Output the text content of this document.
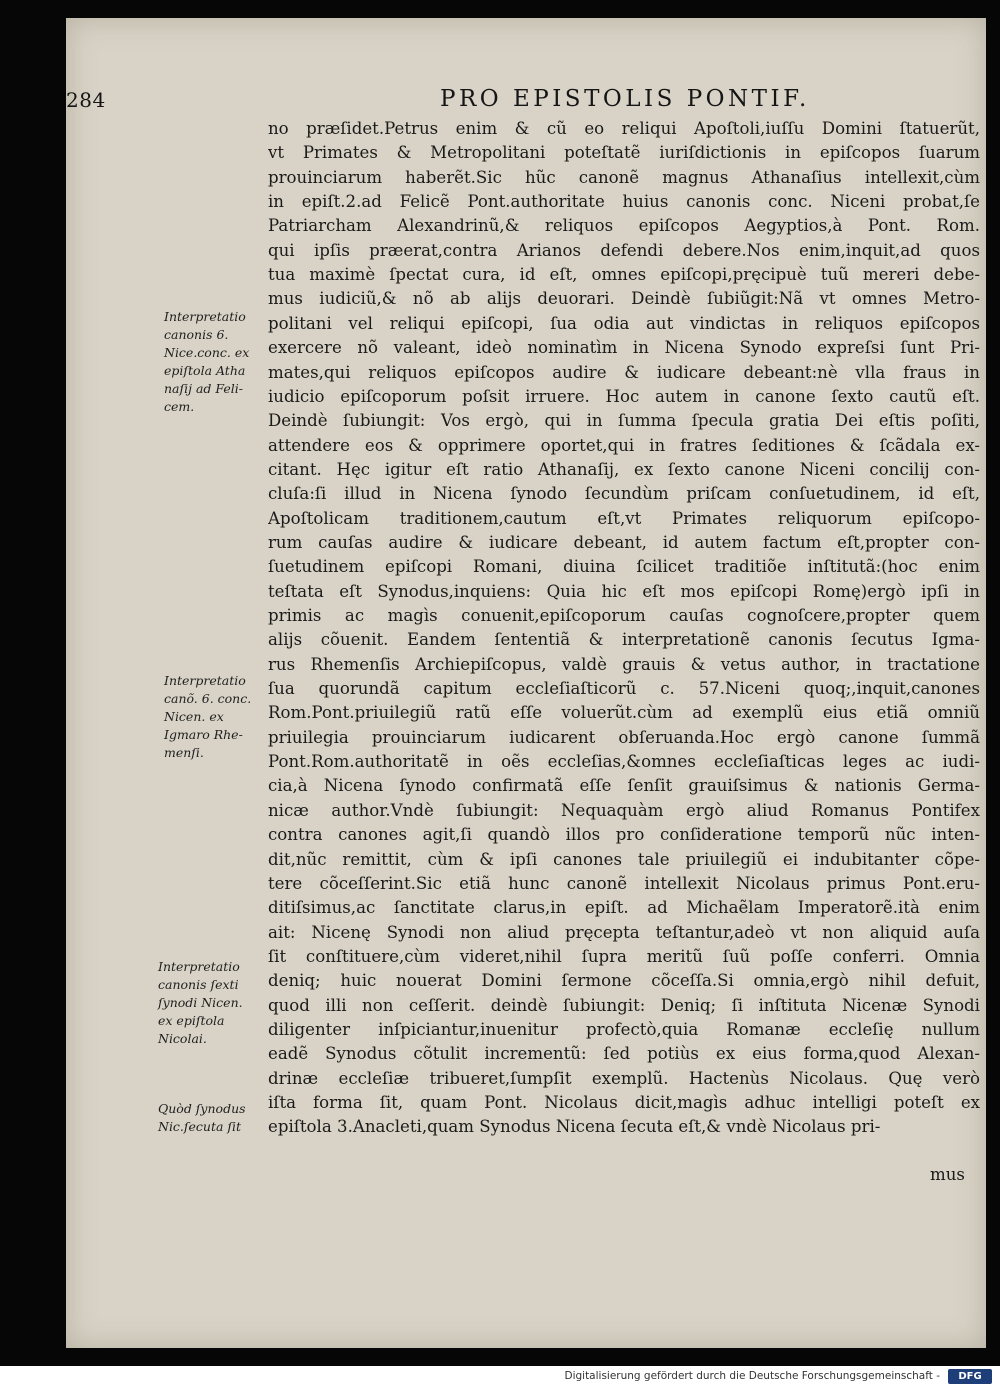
284	PRO EPISTOLIS PONTIF.
no præſidet.Petrus enim & cũ eo reliqui Apoſtoli,iuſſu Domini ſtatuerũt,
vt Primates & Metropolitani poteſtatẽ iuriſdictionis in epiſcopos ſuarum
prouinciarum haberẽt.Sic hũc canonẽ magnus Athanaſius intellexit,cùm
in epiſt.2.ad Felicẽ Pont.authoritate huius canonis conc. Niceni probat,ſe
Patriarcham Alexandrinũ,& reliquos epiſcopos Aegyptios,à Pont. Rom.
qui ipſis præerat,contra Arianos defendi debere.Nos enim,inquit,ad quos
tua maximè ſpectat cura, id eſt, omnes epiſcopi,pręcipuè tuũ mereri debe-
mus iudiciũ,& nõ ab alijs deuorari. Deindè ſubiũgit:Nã vt omnes Metro-
politani vel reliqui epiſcopi, ſua odia aut vindictas in reliquos epiſcopos
exercere nõ valeant, ideò nominatìm in Nicena Synodo expreſsi ſunt Pri-
mates,qui reliquos epiſcopos audire & iudicare debeant:nè vlla fraus in
iudicio epiſcoporum poſsit irruere. Hoc autem in canone ſexto cautũ eſt.
Deindè ſubiungit: Vos ergò, qui in ſumma ſpecula gratia Dei eſtis poſiti,
attendere eos & opprimere oportet,qui in fratres ſeditiones & ſcãdala ex-
citant. Hęc igitur eſt ratio Athanaſij, ex ſexto canone Niceni concilij con-
cluſa:ſi illud in Nicena ſynodo ſecundùm priſcam conſuetudinem, id eſt,
Apoſtolicam traditionem,cautum eſt,vt Primates reliquorum epiſcopo-
rum cauſas audire & iudicare debeant, id autem factum eſt,propter con-
ſuetudinem epiſcopi Romani, diuina ſcilicet traditiõe inſtitutã:(hoc enim
teſtata eſt Synodus,inquiens: Quia hic eſt mos epiſcopi Romę)ergò ipſi in
primis ac magìs conuenit,epiſcoporum cauſas cognoſcere,propter quem
alijs cõuenit. Eandem ſententiã & interpretationẽ canonis ſecutus Igma-
rus Rhemenſis Archiepiſcopus, valdè grauis & vetus author, in tractatione
ſua quorundã capitum eccleſiaſticorũ c. 57.Niceni quoq;,inquit,canones
Rom.Pont.priuilegiũ ratũ eſſe voluerũt.cùm ad exemplũ eius etiã omniũ
priuilegia prouinciarum iudicarent obſeruanda.Hoc ergò canone ſummã
Pont.Rom.authoritatẽ in oẽs eccleſias,&omnes eccleſiaſticas leges ac iudi-
cia,à Nicena ſynodo confirmatã eſſe ſenſit grauiſsimus & nationis Germa-
nicæ author.Vndè ſubiungit: Nequaquàm ergò aliud Romanus Pontifex
contra canones agit,ſi quandò illos pro conſideratione temporũ nũc inten-
dit,nũc remittit, cùm & ipſi canones tale priuilegiũ ei indubitanter cõpe-
tere cõceſſerint.Sic etiã hunc canonẽ intellexit Nicolaus primus Pont.eru-
ditiſsimus,ac ſanctitate clarus,in epiſt. ad Michaẽlam Imperatorẽ.ità enim
ait: Nicenę Synodi non aliud pręcepta teſtantur,adeò vt non aliquid auſa
ſit conſtituere,cùm videret,nihil ſupra meritũ ſuũ poſſe conferri. Omnia
deniq; huic nouerat Domini ſermone cõceſſa.Si omnia,ergò nihil defuit,
quod illi non ceſſerit. deindè ſubiungit: Deniq; ſi inſtituta Nicenæ Synodi
diligenter inſpiciantur,inuenitur profectò,quia Romanæ eccleſię nullum
eadẽ Synodus cõtulit incrementũ: ſed potiùs ex eius forma,quod Alexan-
drinæ eccleſiæ tribueret,ſumpſit exemplũ. Hactenùs Nicolaus. Quę verò
iſta forma ſit, quam Pont. Nicolaus dicit,magìs adhuc intelligi poteſt ex
epiſtola 3.Anacleti,quam Synodus Nicena ſecuta eſt,& vndè Nicolaus pri-
mus
Interpretatio
canonis 6.
Nice.conc. ex
epiſtola Atha
naſij ad Feli-
cem.
Interpretatio
canõ. 6. conc.
Nicen. ex
Igmaro Rhe-
menſi.
Interpretatio
canonis ſexti
ſynodi Nicen.
ex epiſtola
Nicolai.
Quòd ſynodus
Nic.ſecuta ſit
Digitalisierung gefördert durch die Deutsche Forschungsgemeinschaft -	DFG
